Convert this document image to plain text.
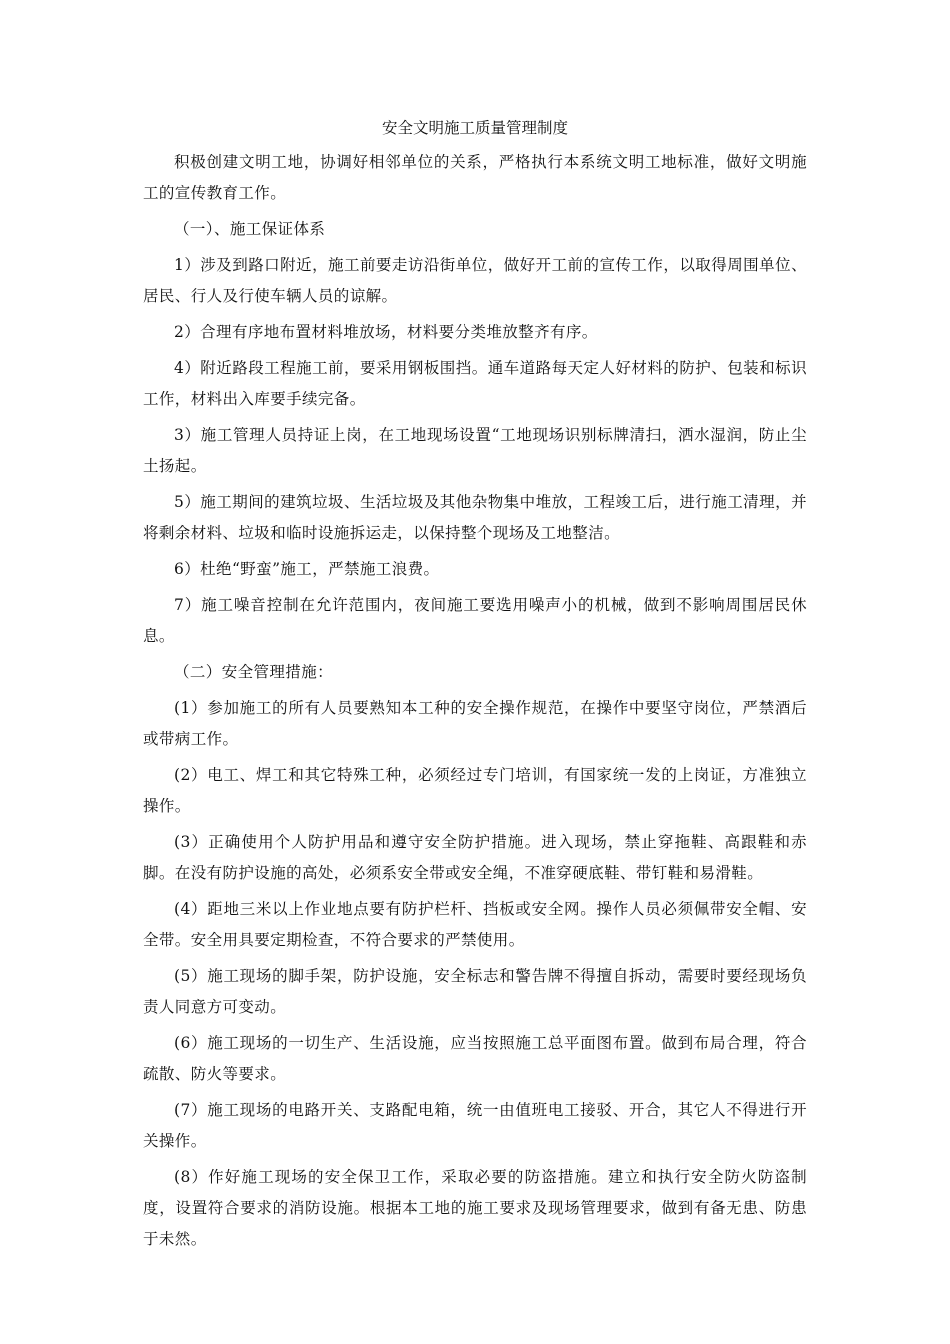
安全文明施工质量管理制度

积极创建文明工地，协调好相邻单位的关系，严格执行本系统文明工地标准，做好文明施工的宣传教育工作。

（一）、施工保证体系

1）涉及到路口附近，施工前要走访沿街单位，做好开工前的宣传工作，以取得周围单位、居民、行人及行使车辆人员的谅解。

2）合理有序地布置材料堆放场，材料要分类堆放整齐有序。

4）附近路段工程施工前，要采用钢板围挡。通车道路每天定人好材料的防护、包装和标识工作，材料出入库要手续完备。

3）施工管理人员持证上岗，在工地现场设置“工地现场识别标牌清扫，洒水湿润，防止尘土扬起。

5）施工期间的建筑垃圾、生活垃圾及其他杂物集中堆放，工程竣工后，进行施工清理，并将剩余材料、垃圾和临时设施拆运走，以保持整个现场及工地整洁。

6）杜绝“野蛮”施工，严禁施工浪费。

7）施工噪音控制在允许范围内，夜间施工要选用噪声小的机械，做到不影响周围居民休息。

（二）安全管理措施：

(1）参加施工的所有人员要熟知本工种的安全操作规范，在操作中要坚守岗位，严禁酒后或带病工作。

(2）电工、焊工和其它特殊工种，必须经过专门培训，有国家统一发的上岗证，方准独立操作。

(3）正确使用个人防护用品和遵守安全防护措施。进入现场，禁止穿拖鞋、高跟鞋和赤脚。在没有防护设施的高处，必须系安全带或安全绳，不准穿硬底鞋、带钉鞋和易滑鞋。

(4）距地三米以上作业地点要有防护栏杆、挡板或安全网。操作人员必须佩带安全帽、安全带。安全用具要定期检查，不符合要求的严禁使用。

(5）施工现场的脚手架，防护设施，安全标志和警告牌不得擅自拆动，需要时要经现场负责人同意方可变动。

(6）施工现场的一切生产、生活设施，应当按照施工总平面图布置。做到布局合理，符合疏散、防火等要求。

(7）施工现场的电路开关、支路配电箱，统一由值班电工接驳、开合，其它人不得进行开关操作。

(8）作好施工现场的安全保卫工作，采取必要的防盗措施。建立和执行安全防火防盗制度，设置符合要求的消防设施。根据本工地的施工要求及现场管理要求，做到有备无患、防患于未然。
